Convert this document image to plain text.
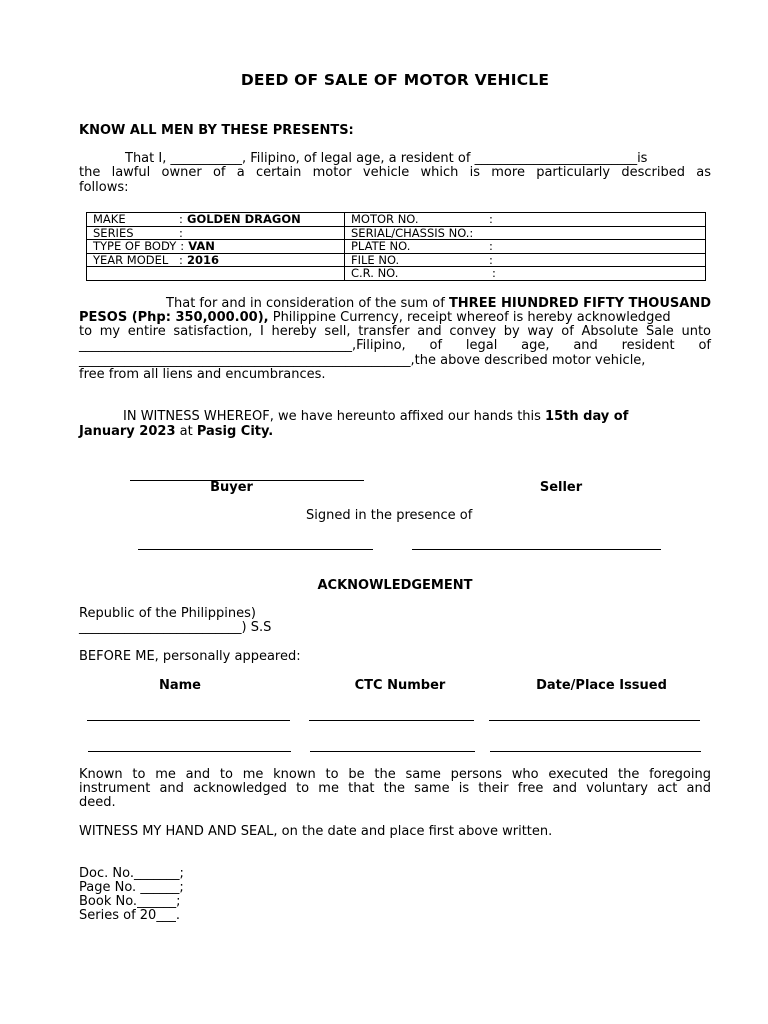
DEED OF SALE OF MOTOR VEHICLE
KNOW ALL MEN BY THESE PRESENTS:
That I, ___________, Filipino, of legal age, a resident of _________________________is
the lawful owner of a certain motor vehicle which is more particularly described as
follows:
MAKE : GOLDEN DRAGON	MOTOR NO. :
SERIES :	SERIAL/CHASSIS NO.:
TYPE OF BODY : VAN	PLATE NO. :
YEAR MODEL : 2016	FILE NO. :
	C.R. NO. :
That for and in consideration of the sum of THREE HIUNDRED FIFTY THOUSAND
PESOS (Php: 350,000.00), Philippine Currency, receipt whereof is hereby acknowledged
to my entire satisfaction, I hereby sell, transfer and convey by way of Absolute Sale unto
__________________________________________,Filipino, of legal age, and resident of
___________________________________________________,the above described motor vehicle,
free from all liens and encumbrances.
IN WITNESS WHEREOF, we have hereunto affixed our hands this 15th day of
January 2023 at Pasig City.
Buyer	Seller
Signed in the presence of
ACKNOWLEDGEMENT
Republic of the Philippines)
_________________________) S.S
BEFORE ME, personally appeared:
Name	CTC Number	Date/Place Issued
Known to me and to me known to be the same persons who executed the foregoing
instrument and acknowledged to me that the same is their free and voluntary act and
deed.
WITNESS MY HAND AND SEAL, on the date and place first above written.
Doc. No._______;
Page No. ______;
Book No.______;
Series of 20___.
